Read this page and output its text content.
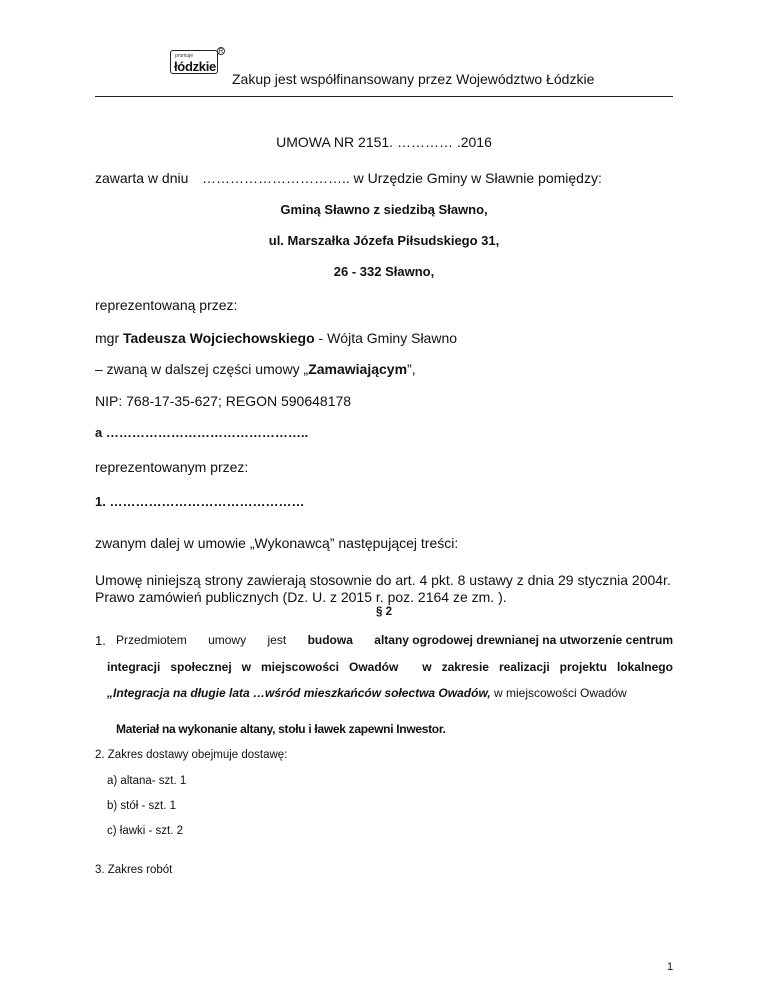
promuje
łódzkie
R
Zakup jest współfinansowany przez Województwo Łódzkie
UMOWA NR 2151. ………… .2016
zawarta w dniu ………………………….. w Urzędzie Gminy w Sławnie pomiędzy:
Gminą Sławno z siedzibą Sławno,
ul. Marszałka Józefa Piłsudskiego 31,
26 - 332 Sławno,
reprezentowaną przez:
mgr Tadeusza Wojciechowskiego - Wójta Gminy Sławno
– zwaną w dalszej części umowy „Zamawiającym”,
NIP: 768-17-35-627; REGON 590648178
a ………………………………………..
reprezentowanym przez:
1. ………………………………………
zwanym dalej w umowie „Wykonawcą” następującej treści:
Umowę niniejszą strony zawierają stosownie do art. 4 pkt. 8 ustawy z dnia 29 stycznia 2004r.
Prawo zamówień publicznych (Dz. U. z 2015 r. poz. 2164 ze zm. ).
§ 2
1. Przedmiotem umowy jest budowa altany ogrodowej drewnianej na utworzenie centrum
integracji społecznej w miejscowości Owadów w zakresie realizacji projektu lokalnego
„Integracja na długie lata …wśród mieszkańców sołectwa Owadów, w miejscowości Owadów
Materiał na wykonanie altany, stołu i ławek zapewni Inwestor.
2. Zakres dostawy obejmuje dostawę:
a) altana- szt. 1
b) stół - szt. 1
c) ławki - szt. 2
3. Zakres robót
1
